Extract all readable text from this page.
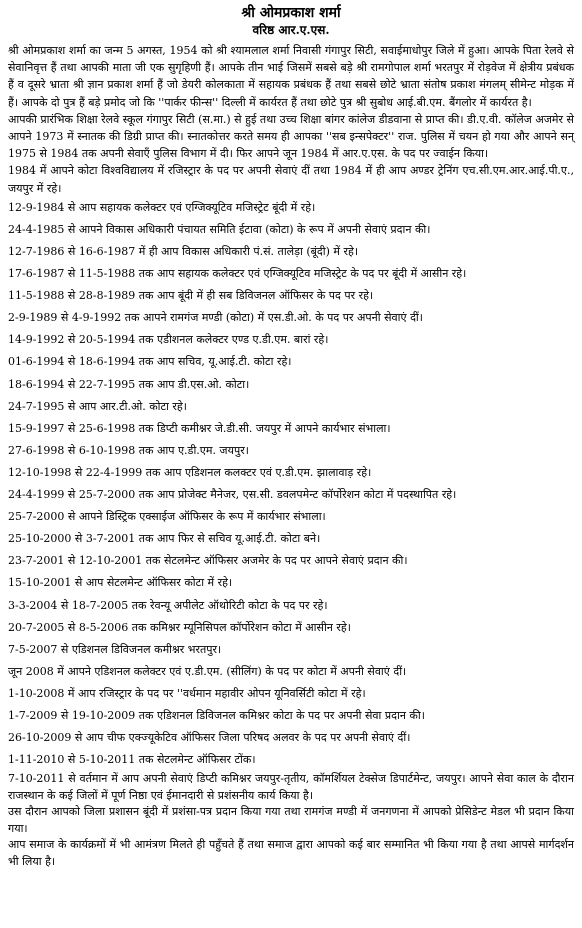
श्री ओमप्रकाश शर्मा
वरिष्ठ आर.ए.एस.

श्री ओमप्रकाश शर्मा का जन्म 5 अगस्त, 1954 को श्री श्यामलाल शर्मा निवासी गंगापुर सिटी, सवाईमाधोपुर जिले में हुआ। आपके पिता रेलवे से सेवानिवृत्त हैं तथा आपकी माता जी एक सुगृहिणी हैं। आपके तीन भाई जिसमें सबसे बड़े श्री रामगोपाल शर्मा भरतपुर में रोड़वेज में क्षेत्रीय प्रबंधक हैं व दूसरे भ्राता श्री ज्ञान प्रकाश शर्मा हैं जो डेयरी कोलकाता में सहायक प्रबंधक हैं तथा सबसे छोटे भ्राता संतोष प्रकाश मंगलम् सीमेन्ट मोड़क में हैं। आपके दो पुत्र हैं बड़े प्रमोद जो कि ''पार्कर फीन्स'' दिल्ली में कार्यरत हैं तथा छोटे पुत्र श्री सुबोध आई.बी.एम. बैंगलोर में कार्यरत है।

आपकी प्रारंभिक शिक्षा रेलवे स्कूल गंगापुर सिटी (स.मा.) से हुई तथा उच्च शिक्षा बांगर कांलेज डीडवाना से प्राप्त की। डी.ए.वी. कॉलेज अजमेर से आपने 1973 में स्नातक की डिग्री प्राप्त की। स्नातकोत्तर करते समय ही आपका ''सब इन्सपेक्टर'' राज. पुलिस में चयन हो गया और आपने सन् 1975 से 1984 तक अपनी सेवाएँ पुलिस विभाग में दी। फिर आपने जून 1984 में आर.ए.एस. के पद पर ज्वाईन किया।

1984 में आपने कोटा विश्वविद्यालय में रजिस्ट्रार के पद पर अपनी सेवाएं दीं तथा 1984 में ही आप अण्डर ट्रेनिंग एच.सी.एम.आर.आई.पी.ए., जयपुर में रहे।

12-9-1984 से आप सहायक कलेक्टर एवं एग्जिक्यूटिव मजिस्ट्रेट बूंदी में रहे।

24-4-1985 से आपने विकास अधिकारी पंचायत समिति ईटावा (कोटा) के रूप में अपनी सेवाएं प्रदान की।

12-7-1986 से 16-6-1987 में ही आप विकास अधिकारी पं.सं. तालेड़ा (बूंदी) में रहे।

17-6-1987 से 11-5-1988 तक आप सहायक कलेक्टर एवं एग्जिक्यूटिव मजिस्ट्रेट के पद पर बूंदी में आसीन रहे।

11-5-1988 से 28-8-1989 तक आप बूंदी में ही सब डिविजनल ऑफिसर के पद पर रहे।

2-9-1989 से 4-9-1992 तक आपने रामगंज मण्डी (कोटा) में एस.डी.ओ. के पद पर अपनी सेवाएं दीं।

14-9-1992 से 20-5-1994 तक एडीशनल कलेक्टर एण्ड ए.डी.एम. बारां रहे।

01-6-1994 से 18-6-1994 तक आप सचिव, यू.आई.टी. कोटा रहे।

18-6-1994 से 22-7-1995 तक आप डी.एस.ओ. कोटा।

24-7-1995 से आप आर.टी.ओ. कोटा रहे।

15-9-1997 से 25-6-1998 तक डिप्टी कमीश्नर जे.डी.सी. जयपुर में आपने कार्यभार संभाला।

27-6-1998 से 6-10-1998 तक आप ए.डी.एम. जयपुर।

12-10-1998 से 22-4-1999 तक आप एडिशनल कलक्टर एवं ए.डी.एम. झालावाड़ रहे।

24-4-1999 से 25-7-2000 तक आप प्रोजेक्ट मैनेजर, एस.सी. डवलपमेन्ट कॉर्पोरेशन कोटा में पदस्थापित रहे।

25-7-2000 से आपने डिस्ट्रिक एक्साईज ऑफिसर के रूप में कार्यभार संभाला।

25-10-2000 से 3-7-2001 तक आप फिर से सचिव यू.आई.टी. कोटा बने।

23-7-2001 से 12-10-2001 तक सेटलमेन्ट ऑफिसर अजमेर के पद पर आपने सेवाएं प्रदान की।

15-10-2001 से आप सेटलमेन्ट ऑफिसर कोटा में रहे।

3-3-2004 से 18-7-2005 तक रेवन्यू अपीलेट ऑथोरिटी कोटा के पद पर रहे।

20-7-2005 से 8-5-2006 तक कमिश्नर म्यूनिसिपल कॉर्पोरेशन कोटा में आसीन रहे।

7-5-2007 से एडिशनल डिविजनल कमीश्नर भरतपुर।

जून 2008 में आपने एडिशनल कलेक्टर एवं ए.डी.एम. (सीलिंग) के पद पर कोटा में अपनी सेवाएं दीं।

1-10-2008 में आप रजिस्ट्रार के पद पर ''वर्धमान महावीर ओपन यूनिवर्सिटी कोटा में रहे।

1-7-2009 से 19-10-2009 तक एडिशनल डिविजनल कमिश्नर कोटा के पद पर अपनी सेवा प्रदान की।

26-10-2009 से आप चीफ एक्ज्यूकेटिव ऑफिसर जिला परिषद अलवर के पद पर अपनी सेवाएं दीं।

1-11-2010 से 5-10-2011 तक सेटलमेन्ट ऑफिसर टोंक।

7-10-2011 से वर्तमान में आप अपनी सेवाएं डिप्टी कमिश्नर जयपुर-तृतीय, कॉमर्शियल टेक्सेज डिपार्टमेन्ट, जयपुर। आपने सेवा काल के दौरान राजस्थान के कई जिलों में पूर्ण निष्ठा एवं ईमानदारी से प्रशंसनीय कार्य किया है।

उस दौरान आपको जिला प्रशासन बूंदी में प्रशंसा-पत्र प्रदान किया गया तथा रामगंज मण्डी में जनगणना में आपको प्रेसिडेन्ट मेडल भी प्रदान किया गया।

आप समाज के कार्यक्रमों में भी आमंत्रण मिलते ही पहुँचते हैं तथा समाज द्वारा आपको कई बार सम्मानित भी किया गया है तथा आपसे मार्गदर्शन भी लिया है।
